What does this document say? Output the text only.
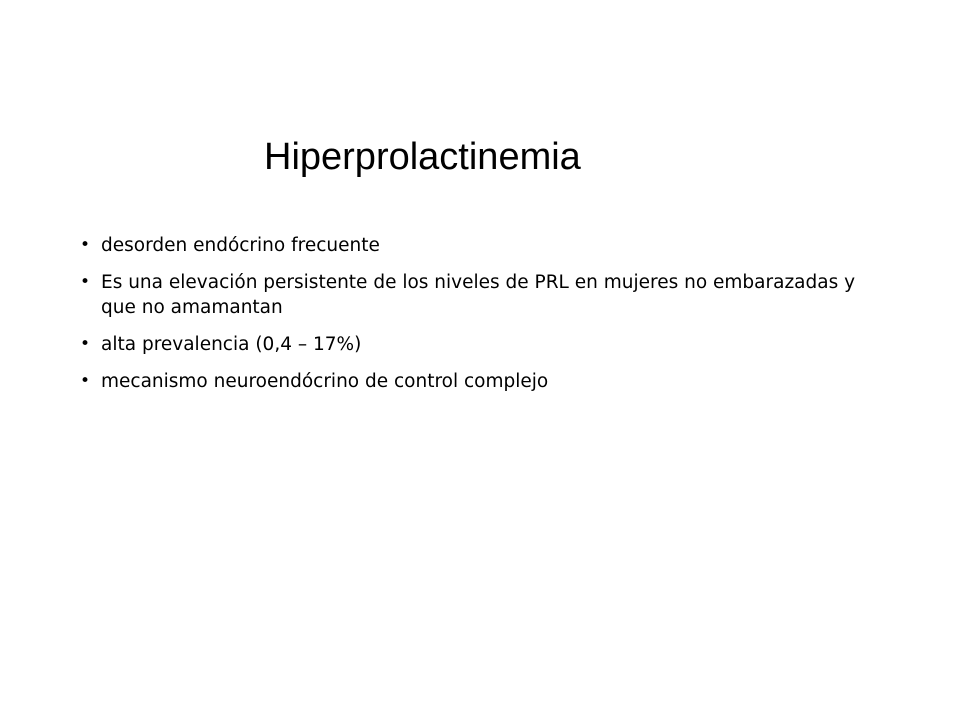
Hiperprolactinemia
• desorden endócrino frecuente
• Es una elevación persistente de los niveles de PRL en mujeres no embarazadas y que no amamantan
• alta prevalencia (0,4 – 17%)
• mecanismo neuroendócrino de control complejo
